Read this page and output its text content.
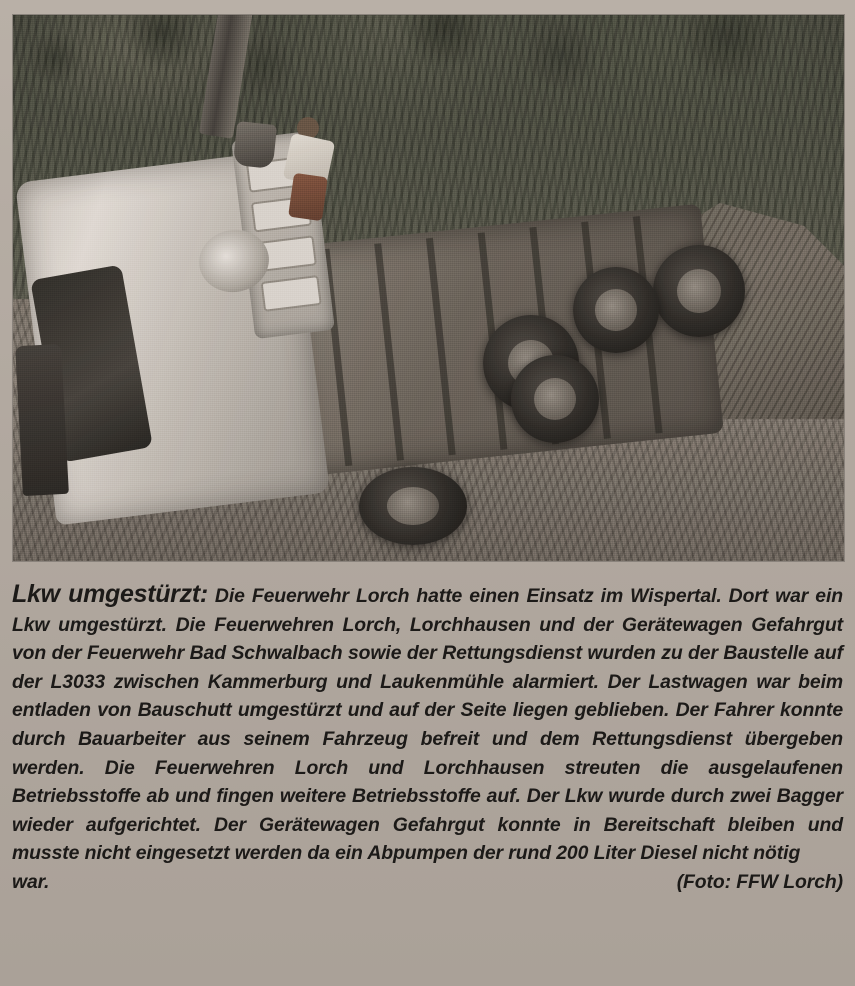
Lkw umgestürzt: Die Feuerwehr Lorch hatte einen Einsatz im Wispertal. Dort war ein Lkw umgestürzt. Die Feuerwehren Lorch, Lorchhausen und der Gerätewagen Gefahrgut von der Feuerwehr Bad Schwalbach sowie der Rettungsdienst wurden zu der Baustelle auf der L3033 zwischen Kammerburg und Laukenmühle alarmiert. Der Lastwagen war beim entladen von Bauschutt umgestürzt und auf der Seite liegen geblieben. Der Fahrer konnte durch Bauarbeiter aus seinem Fahrzeug befreit und dem Rettungsdienst übergeben werden. Die Feuerwehren Lorch und Lorchhausen streuten die ausgelaufenen Betriebsstoffe ab und fingen weitere Betriebsstoffe auf. Der Lkw wurde durch zwei Bagger wieder aufgerichtet. Der Gerätewagen Gefahrgut konnte in Bereitschaft bleiben und musste nicht eingesetzt werden da ein Abpumpen der rund 200 Liter Diesel nicht nötig
war.	(Foto: FFW Lorch)
